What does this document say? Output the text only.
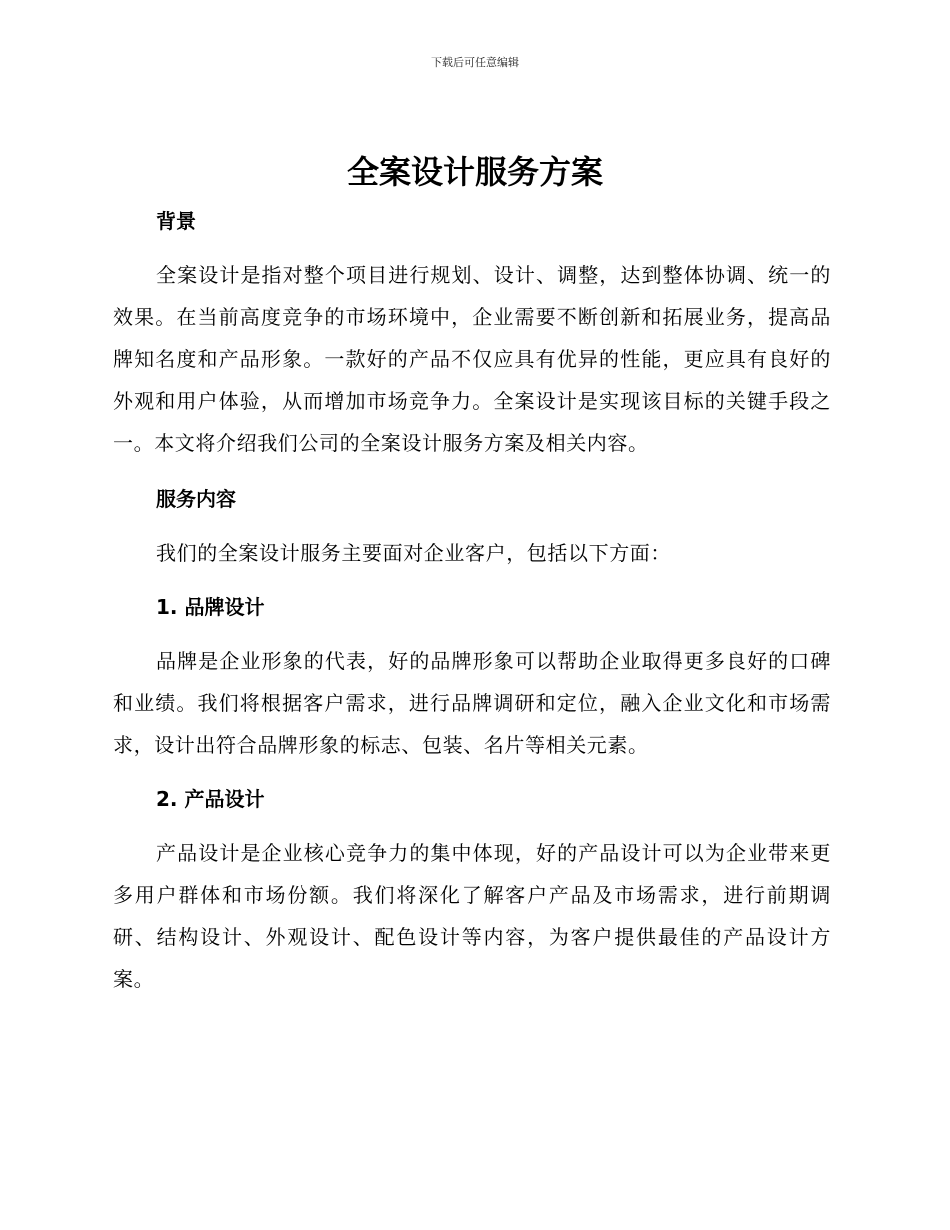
下载后可任意编辑
全案设计服务方案
背景

全案设计是指对整个项目进行规划、设计、调整，达到整体协调、统一的效果。在当前高度竞争的市场环境中，企业需要不断创新和拓展业务，提高品牌知名度和产品形象。一款好的产品不仅应具有优异的性能，更应具有良好的外观和用户体验，从而增加市场竞争力。全案设计是实现该目标的关键手段之一。本文将介绍我们公司的全案设计服务方案及相关内容。

服务内容

我们的全案设计服务主要面对企业客户，包括以下方面：

1. 品牌设计

品牌是企业形象的代表，好的品牌形象可以帮助企业取得更多良好的口碑和业绩。我们将根据客户需求，进行品牌调研和定位，融入企业文化和市场需求，设计出符合品牌形象的标志、包装、名片等相关元素。

2. 产品设计

产品设计是企业核心竞争力的集中体现，好的产品设计可以为企业带来更多用户群体和市场份额。我们将深化了解客户产品及市场需求，进行前期调研、结构设计、外观设计、配色设计等内容，为客户提供最佳的产品设计方案。
